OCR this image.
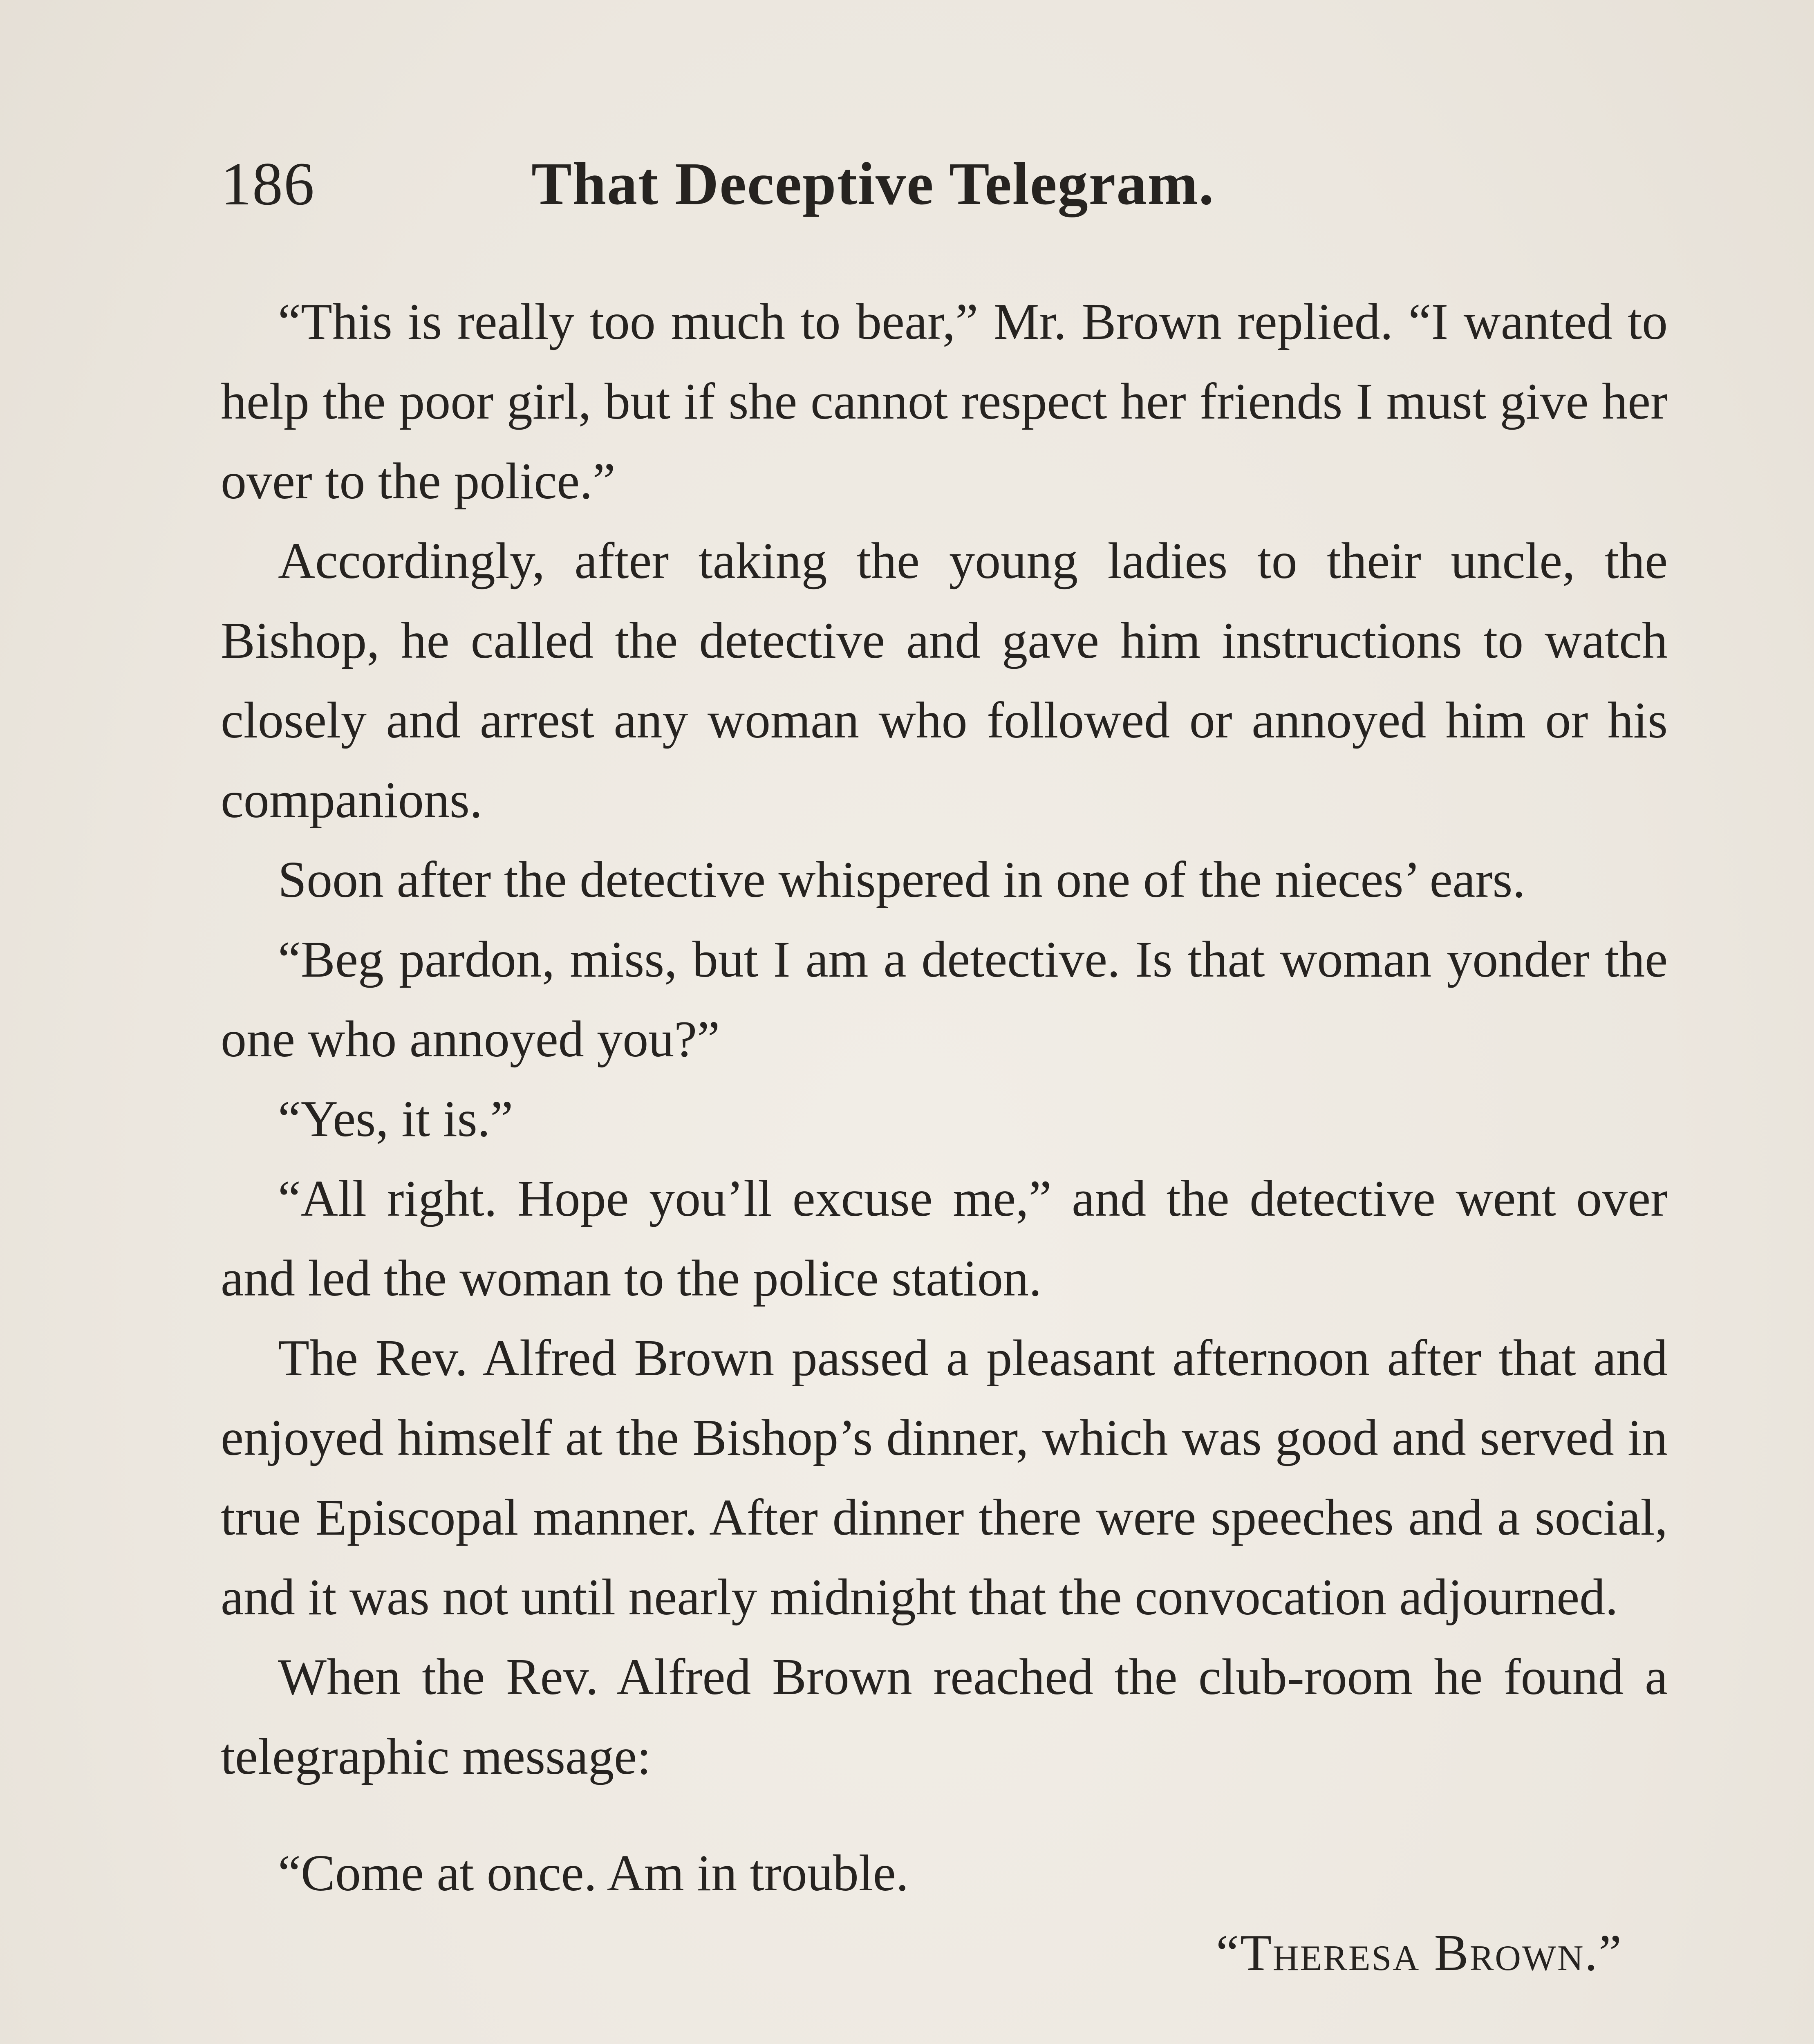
186	That Deceptive Telegram.

“This is really too much to bear,” Mr. Brown replied. “I wanted to help the poor girl, but if she cannot respect her friends I must give her over to the police.”

Accordingly, after taking the young ladies to their uncle, the Bishop, he called the detective and gave him instructions to watch closely and arrest any woman who followed or annoyed him or his companions.

Soon after the detective whispered in one of the nieces’ ears.

“Beg pardon, miss, but I am a detective. Is that woman yonder the one who annoyed you?”

“Yes, it is.”

“All right. Hope you’ll excuse me,” and the detective went over and led the woman to the police station.

The Rev. Alfred Brown passed a pleasant afternoon after that and enjoyed himself at the Bishop’s dinner, which was good and served in true Episcopal manner. After dinner there were speeches and a social, and it was not until nearly midnight that the convocation adjourned.

When the Rev. Alfred Brown reached the club-room he found a telegraphic message:

“Come at once. Am in trouble.

“Theresa Brown.”
